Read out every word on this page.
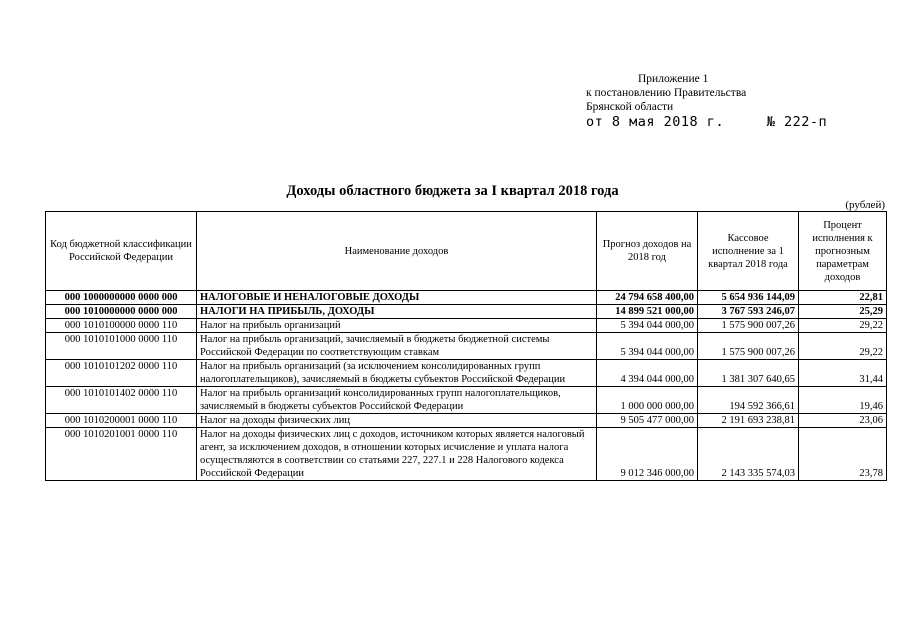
Приложение 1
к постановлению Правительства
Брянской области
от 8 мая 2018 г.	№ 222-п
Доходы областного бюджета за I квартал 2018 года
(рублей)
Код бюджетной классификации Российской Федерации	Наименование доходов	Прогноз доходов на 2018 год	Кассовое исполнение за 1 квартал 2018 года	Процент исполнения к прогнозным параметрам доходов
000 1000000000 0000 000	НАЛОГОВЫЕ И НЕНАЛОГОВЫЕ ДОХОДЫ	24 794 658 400,00	5 654 936 144,09	22,81
000 1010000000 0000 000	НАЛОГИ НА ПРИБЫЛЬ, ДОХОДЫ	14 899 521 000,00	3 767 593 246,07	25,29
000 1010100000 0000 110	Налог на прибыль организаций	5 394 044 000,00	1 575 900 007,26	29,22
000 1010101000 0000 110	Налог на прибыль организаций, зачисляемый в бюджеты бюджетной системы Российской Федерации по соответствующим ставкам	5 394 044 000,00	1 575 900 007,26	29,22
000 1010101202 0000 110	Налог на прибыль организаций (за исключением консолидированных групп налогоплательщиков), зачисляемый в бюджеты субъектов Российской Федерации	4 394 044 000,00	1 381 307 640,65	31,44
000 1010101402 0000 110	Налог на прибыль организаций консолидированных групп налогоплательщиков, зачисляемый в бюджеты субъектов Российской Федерации	1 000 000 000,00	194 592 366,61	19,46
000 1010200001 0000 110	Налог на доходы физических лиц	9 505 477 000,00	2 191 693 238,81	23,06
000 1010201001 0000 110	Налог на доходы физических лиц с доходов, источником которых является налоговый агент, за исключением доходов, в отношении которых исчисление и уплата налога осуществляются в соответствии со статьями 227, 227.1 и 228 Налогового кодекса Российской Федерации	9 012 346 000,00	2 143 335 574,03	23,78
